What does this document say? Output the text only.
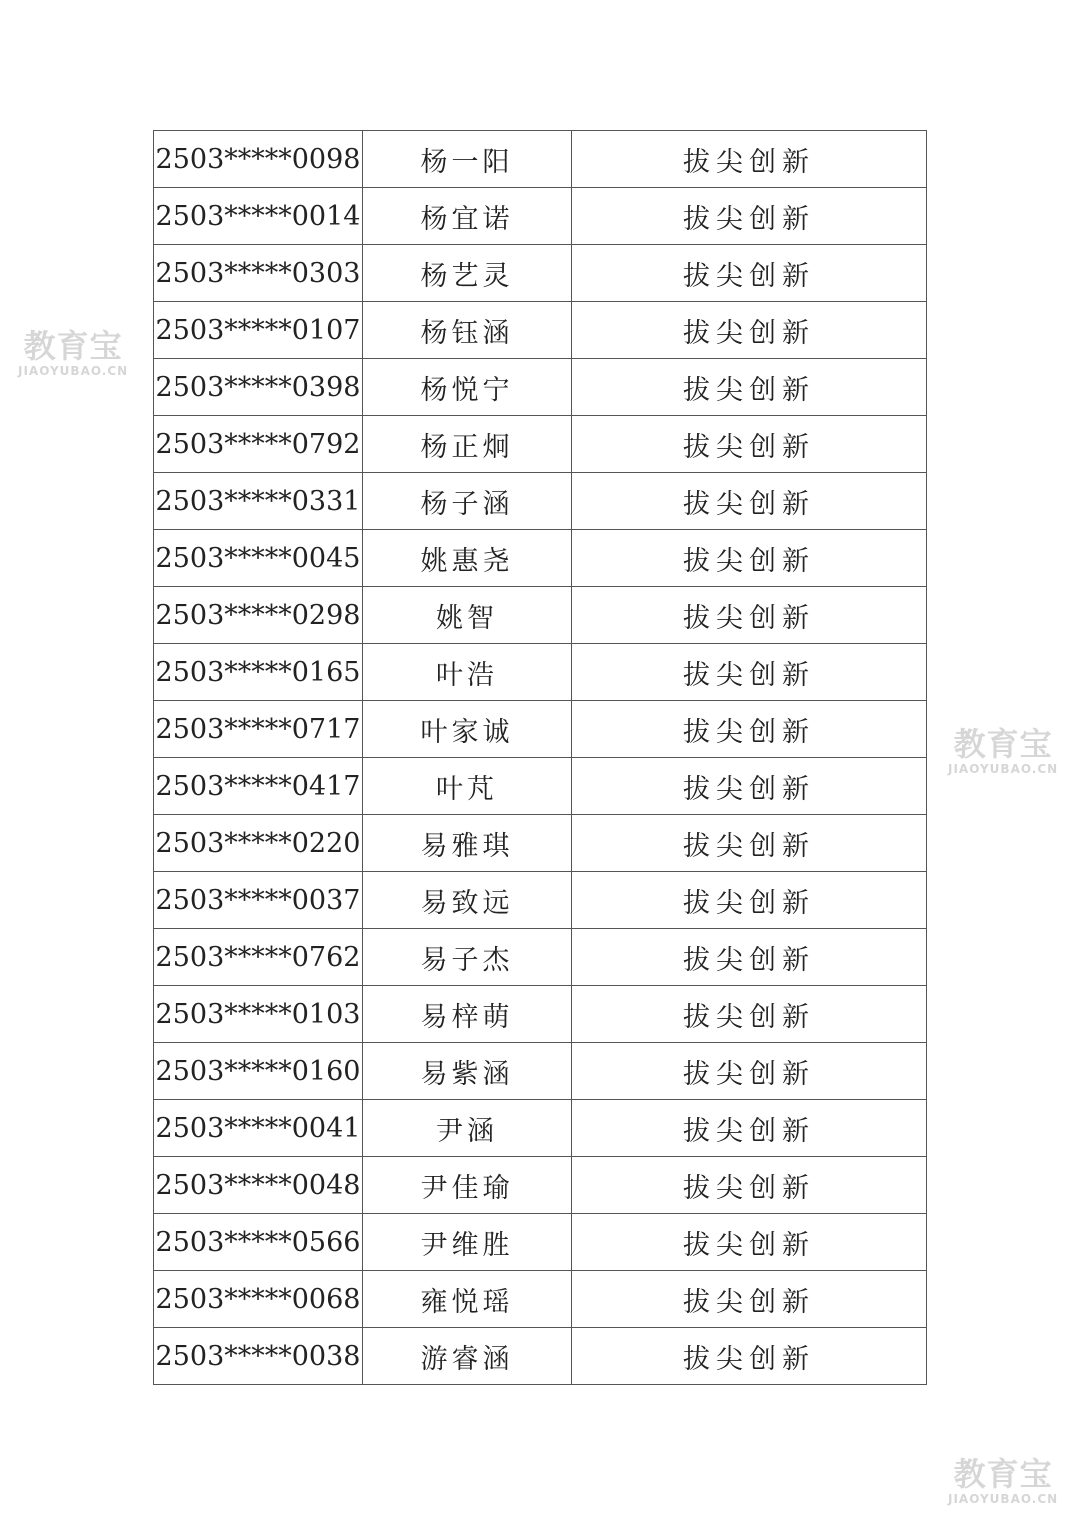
2503*****0098	杨一阳	拔尖创新
2503*****0014	杨宜诺	拔尖创新
2503*****0303	杨艺灵	拔尖创新
2503*****0107	杨钰涵	拔尖创新
2503*****0398	杨悦宁	拔尖创新
2503*****0792	杨正炯	拔尖创新
2503*****0331	杨子涵	拔尖创新
2503*****0045	姚惠尧	拔尖创新
2503*****0298	姚智	拔尖创新
2503*****0165	叶浩	拔尖创新
2503*****0717	叶家诚	拔尖创新
2503*****0417	叶芃	拔尖创新
2503*****0220	易雅琪	拔尖创新
2503*****0037	易致远	拔尖创新
2503*****0762	易子杰	拔尖创新
2503*****0103	易梓萌	拔尖创新
2503*****0160	易紫涵	拔尖创新
2503*****0041	尹涵	拔尖创新
2503*****0048	尹佳瑜	拔尖创新
2503*****0566	尹维胜	拔尖创新
2503*****0068	雍悦瑶	拔尖创新
2503*****0038	游睿涵	拔尖创新
教育宝
JIAOYUBAO.CN
教育宝
JIAOYUBAO.CN
教育宝
JIAOYUBAO.CN
